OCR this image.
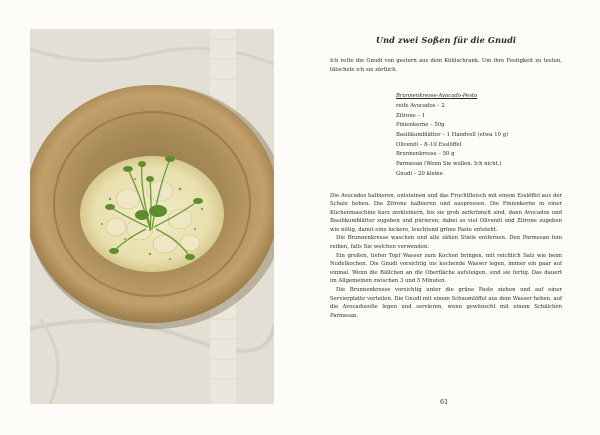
Und zwei Soßen für die Gnudi

Ich rette die Gnudi von gestern aus dem Kühlschrank. Um ihre Festigkeit zu testen, tätschele ich sie zärtlich.

Brunnenkresse-Avocado-Pesto
reife Avocados – 2
Zitrone – 1
Pinienkerne – 50g
Basilikumblätter – 1 Handvoll (etwa 10 g)
Olivenöl – 8–10 Esslöffel
Brunnenkresse – 50 g
Parmesan (Wenn Sie wollen. Ich nicht.)
Gnudi – 20 kleine

Die Avocados halbieren, entsteinen und das Fruchtfleisch mit einem Esslöffel aus der Schale heben. Die Zitrone halbieren und auspressen. Die Pinienkerne in einer Küchenmaschine kurz zerkleinern, bis sie grob zerkrümelt sind, dann Avocados und Basilikumblätter zugeben und pürieren; dabei so viel Olivenöl und Zitrone zugeben wie nötig, damit eine lockere, leuchtend grüne Paste entsteht.

Die Brunnenkresse waschen und alle zähen Stiele entfernen. Den Parmesan fein reiben, falls Sie welchen verwenden.

Ein großen, tiefen Topf Wasser zum Kochen bringen, mit reichlich Salz wie beim Nudelkochen. Die Gnudi vorsichtig ins kochende Wasser legen, immer ein paar auf einmal. Wenn die Bällchen an die Oberfläche aufsteigen, sind sie fertig. Das dauert im Allgemeinen zwischen 3 und 5 Minuten.

Die Brunnenkresse vorsichtig unter die grüne Paste ziehen und auf einer Servierplatte verteilen. Die Gnudi mit einem Schaumlöffel aus dem Wasser heben, auf die Avocadosoße legen und servieren, wenn gewünscht mit einem Schälchen Parmesan.

61
